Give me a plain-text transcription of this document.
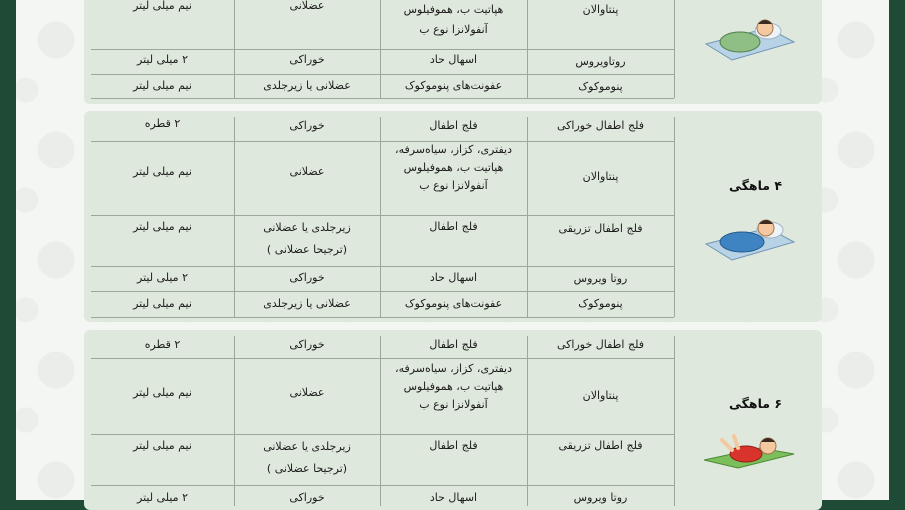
پنتاوالان
هپاتیت ب، هموفیلوس
آنفولانزا نوع ب
عضلانی
نیم میلی لیتر
روتاویروس
اسهال حاد
خوراکی
۲ میلی لیتر
پنوموکوک
عفونت‌های پنوموکوک
عضلانی یا زیرجلدی
نیم میلی لیتر
فلج اطفال خوراکی
فلج اطفال
خوراکی
۲ قطره
پنتاوالان
دیفتری، کزاز، سیاه‌سرفه،
هپاتیت ب، هموفیلوس
آنفولانزا نوع ب
عضلانی
نیم میلی لیتر
فلج اطفال تزریقی
فلج اطفال
زیرجلدی یا عضلانی
(ترجیحا عضلانی )
نیم میلی لیتر
روتا ویروس
اسهال حاد
خوراکی
۲ میلی لیتر
پنوموکوک
عفونت‌های پنوموکوک
عضلانی یا زیرجلدی
نیم میلی لیتر
۴ ماهگی
فلج اطفال خوراکی
فلج اطفال
خوراکی
۲ قطره
پنتاوالان
دیفتری، کزاز، سیاه‌سرفه،
هپاتیت ب، هموفیلوس
آنفولانزا نوع ب
عضلانی
نیم میلی لیتر
فلج اطفال تزریقی
فلج اطفال
زیرجلدی یا عضلانی
(ترجیحا عضلانی )
نیم میلی لیتر
روتا ویروس
اسهال حاد
خوراکی
۲ میلی لیتر
۶ ماهگی
